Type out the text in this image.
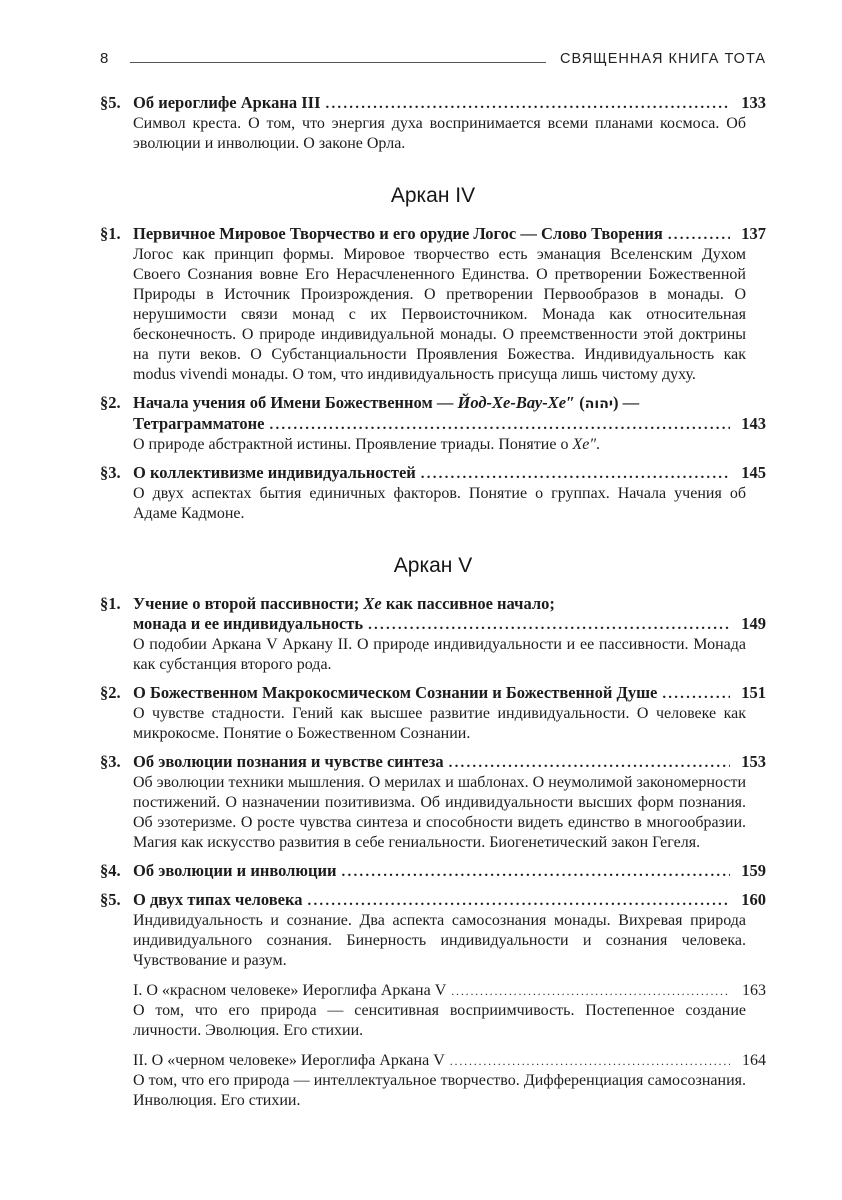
8	СВЯЩЕННАЯ КНИГА ТОТА
§5. Об иероглифе Аркана III .....	133

Символ креста. О том, что энергия духа воспринимается всеми планами космоса. Об эволюции и инволюции. О законе Орла.

Аркан IV
§1. Первичное Мировое Творчество и его орудие Логос — Слово Творения .....	137

Логос как принцип формы. Мировое творчество есть эманация Вселенским Духом Своего Сознания вовне Его Нерасчлененного Единства. О претворении Божественной Природы в Источник Произрождения. О претворении Первообразов в монады. О нерушимости связи монад с их Первоисточником. Монада как относительная бесконечность. О природе индивидуальной монады. О преемственности этой доктрины на пути веков. О Субстанциальности Проявления Божества. Индивидуальность как modus vivendi монады. О том, что индивидуальность присуща лишь чистому духу.

§2. Начала учения об Имени Божественном — Йод-Хе-Вау-Хе″ (יהוה) —
Тетраграмматоне .....	143

О природе абстрактной истины. Проявление триады. Понятие о Хе″.

§3. О коллективизме индивидуальностей .....	145

О двух аспектах бытия единичных факторов. Понятие о группах. Начала учения об Адаме Кадмоне.

Аркан V
§1. Учение о второй пассивности; Хе как пассивное начало;
монада и ее индивидуальность .....	149

О подобии Аркана V Аркану II. О природе индивидуальности и ее пассивности. Монада как субстанция второго рода.

§2. О Божественном Макрокосмическом Сознании и Божественной Душе .....	151

О чувстве стадности. Гений как высшее развитие индивидуальности. О человеке как микрокосме. Понятие о Божественном Сознании.

§3. Об эволюции познания и чувстве синтеза .....	153

Об эволюции техники мышления. О мерилах и шаблонах. О неумолимой закономерности постижений. О назначении позитивизма. Об индивидуальности высших форм познания. Об эзотеризме. О росте чувства синтеза и способности видеть единство в многообразии. Магия как искусство развития в себе гениальности. Биогенетический закон Гегеля.

§4. Об эволюции и инволюции .....	159
§5. О двух типах человека .....	160

Индивидуальность и сознание. Два аспекта самосознания монады. Вихревая природа индивидуального сознания. Бинерность индивидуальности и сознания человека. Чувствование и разум.

I. О «красном человеке» Иероглифа Аркана V .....	163

О том, что его природа — сенситивная восприимчивость. Постепенное создание личности. Эволюция. Его стихии.

II. О «черном человеке» Иероглифа Аркана V .....	164

О том, что его природа — интеллектуальное творчество. Дифференциация самосознания. Инволюция. Его стихии.
